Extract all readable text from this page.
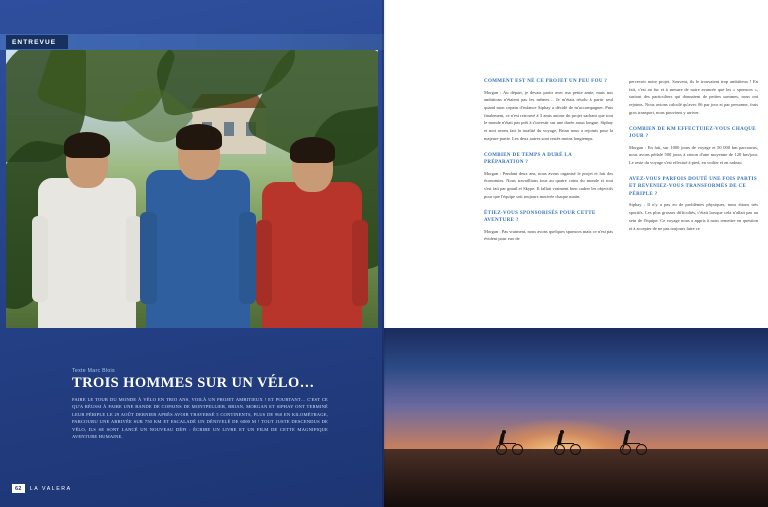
ENTREVUE
Texte Marc Blois
TROIS HOMMES SUR UN VÉLO…
FAIRE LE TOUR DU MONDE À VÉLO EN TRIO ANS, VOILÀ UN PROJET AMBITIEUX ! ET POURTANT… C'EST CE QU'A RÉUSSI À FAIRE UNE BANDE DE COPAINS DE MONTPELLIER, BRIAN, MORGAN ET SIPHAY ONT TERMINÉ LEUR PÉRIPLE LE 29 AOÛT DERNIER APRÈS AVOIR TRAVERSÉ 5 CONTINENTS, PLUS DE 960 EN KILOMÉTRAGE, PARCOURU UNE ARRIVÉE SUR 750 KM ET ESCALADÉ UN DÉNIVELÉ DE 6000 M ! TOUT JUSTE DESCENDUS DE VÉLO, ILS SE SONT LANCÉ UN NOUVEAU DÉFI : ÉCRIRE UN LIVRE ET UN FILM DE CETTE MAGNIFIQUE AVENTURE HUMAINE.
62	LA VALERA
COMMENT EST NÉ CE PROJET UN PEU FOU ?

Morgan : Au départ, je devais partir avec ma petite amie, mais nos ambitions n'étaient pas les mêmes… Je m'étais résolu à partir seul quand mon copain d'enfance Siphay a décidé de m'accompagner. Puis finalement, ce n'est retrouvé à 3 amis autour du projet sachant que tout le monde n'était pas prêt à s'investir sur une durée aussi longue. Siphay et moi avons fait la totalité du voyage, Brian nous a rejoints pour la majeure partie. Les deux autres sont restés moins longtemps.

COMBIEN DE TEMPS A DURÉ LA PRÉPARATION ?

Morgan : Pendant deux ans, nous avons organisé le projet et fait des économies. Nous travaillions tous au quatre coins du monde et tout s'est fait par gmail et Skype. Il fallait vraiment bien cadrer les objectifs pour que l'équipe soit toujours motivée chaque matin.

ÉTIEZ-VOUS SPONSORISÉS POUR CETTE AVENTURE ?

Morgan : Pas vraiment, nous avons quelques sponsors mais ce n'est pas évident pour eux de

percevoir notre projet. Souvent, ils le trouvaient trop ambitieux ! En fait, c'est au fur et à mesure de notre avancée que les « sponsors », surtout des particuliers qui donnaient de petites sommes, nous ont rejoints. Nous avions calculé qu'avec 06 par jour et par personne, frais gros transport, nous pouvions y arriver.

COMBIEN DE KM EFFECTUIEZ-VOUS CHAQUE JOUR ?

Morgan : En fait, sur 1000 jours de voyage et 50 000 km parcourus, nous avons pédalé 500 jours à raison d'une moyenne de 120 km/jour. Le reste du voyage s'est effectué à pied, en voilier et en radeau.

AVEZ-VOUS PARFOIS DOUTÉ UNE FOIS PARTIS ET REVENIEZ-VOUS TRANSFORMÉS DE CE PÉRIPLE ?

Siphay : Il n'y a pas eu de problèmes physiques, nous étions très sportifs. Les plus grosses difficultés, c'était lorsque cela n'allait pas au sein de l'équipe. Ce voyage nous a appris à nous remettre en question et à accepter de ne pas toujours faire ce
